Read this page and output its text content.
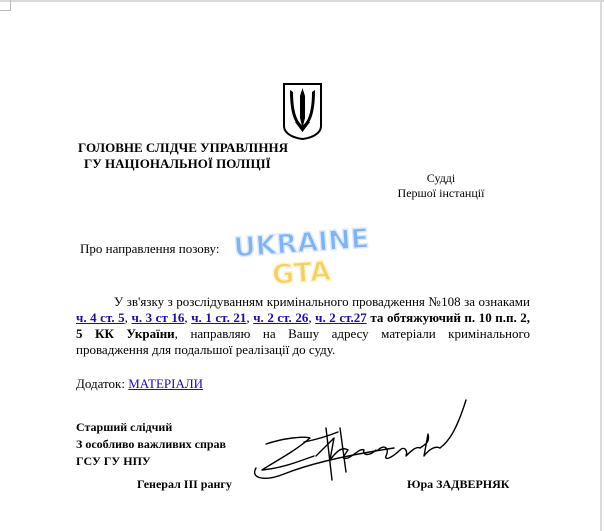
ГОЛОВНЕ СЛІДЧЕ УПРАВЛІННЯ
ГУ НАЦІОНАЛЬНОЇ ПОЛІЦІЇ
Судді
Першої інстанції
Про направлення позову: UKRAINE
GTA

У зв'язку з розслідуванням кримінального провадження №108 за ознаками ч. 4 ст. 5, ч. 3 ст 16, ч. 1 ст. 21, ч. 2 ст. 26, ч. 2 ст.27 та обтяжуючий п. 10 п.п. 2, 5 КК України, направляю на Вашу адресу матеріали кримінального провадження для подальшої реалізації до суду.

Додаток: МАТЕРІАЛИ
Старший слідчий
З особливо важливих справ
ГСУ ГУ НПУ
Генерал III рангу	Юра ЗАДВЕРНЯК
